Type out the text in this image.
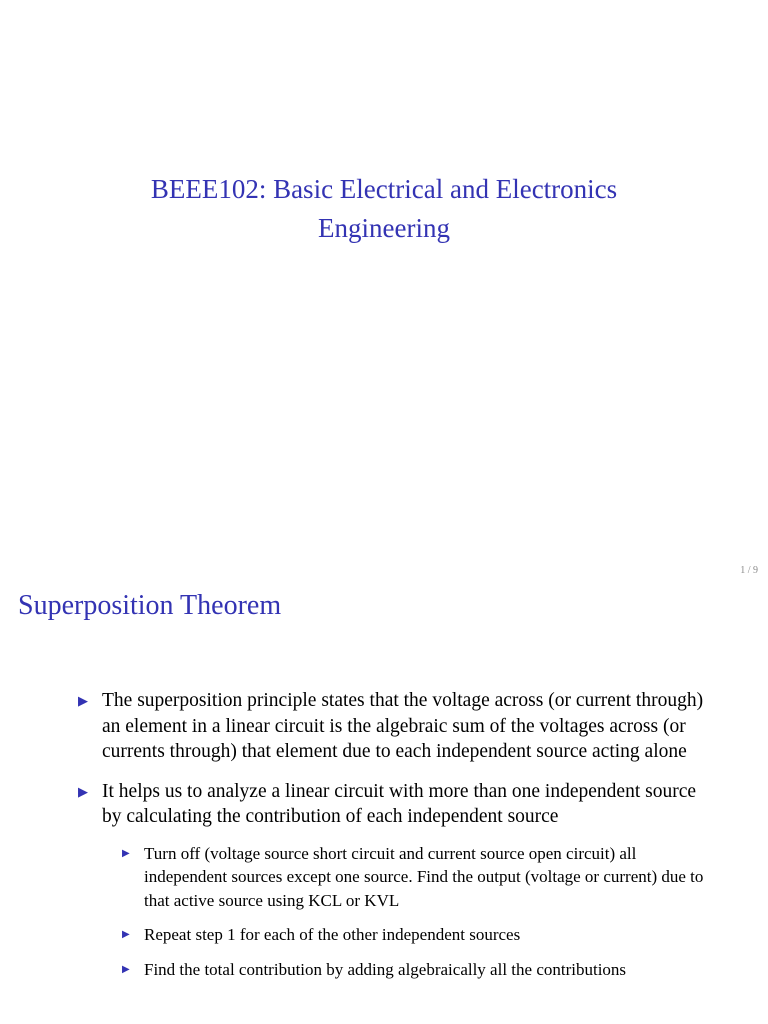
BEEE102: Basic Electrical and Electronics
Engineering
1 / 9
Superposition Theorem
▶ The superposition principle states that the voltage across (or current through) an element in a linear circuit is the algebraic sum of the voltages across (or currents through) that element due to each independent source acting alone
▶ It helps us to analyze a linear circuit with more than one independent source by calculating the contribution of each independent source
▶ Turn off (voltage source short circuit and current source open circuit) all independent sources except one source. Find the output (voltage or current) due to that active source using KCL or KVL
▶ Repeat step 1 for each of the other independent sources
▶ Find the total contribution by adding algebraically all the contributions
